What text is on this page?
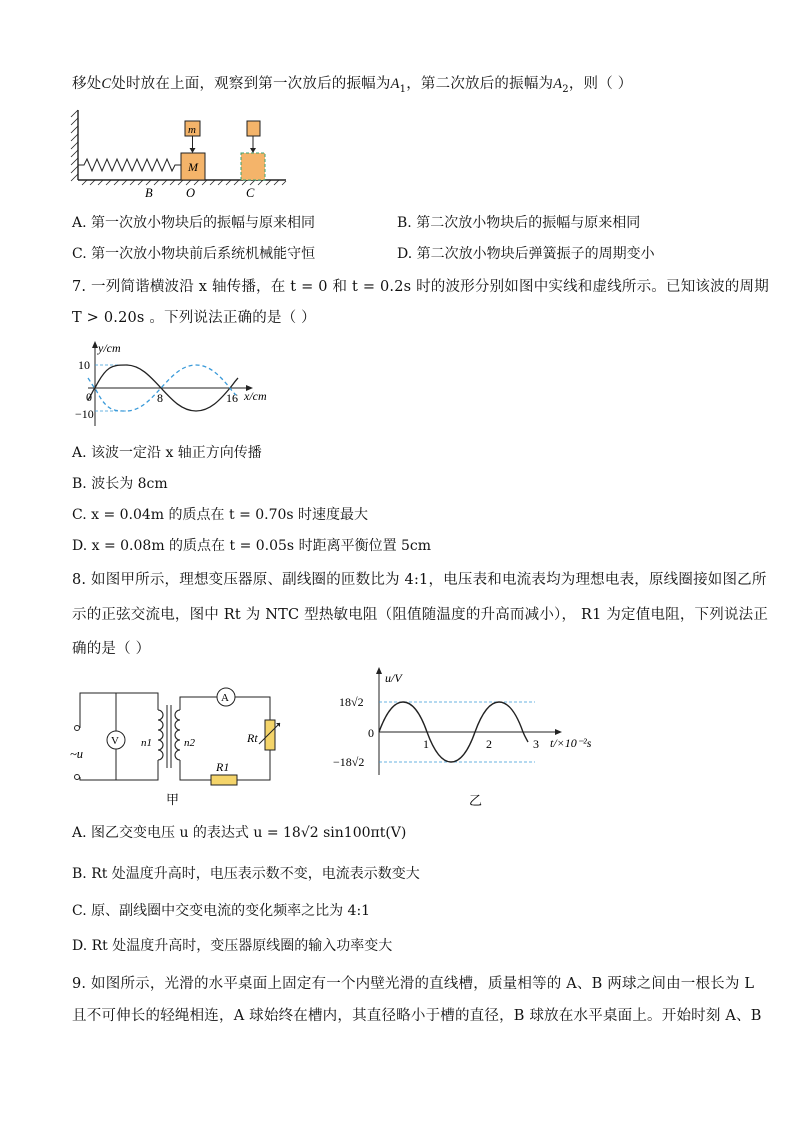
移处C处时放在上面，观察到第一次放后的振幅为$A_1$，第二次放后的振幅为$A_2$，则（ ）
M
m
B	O	C
A. 第一次放小物块后的振幅与原来相同	B. 第二次放小物块后的振幅与原来相同
C. 第一次放小物块前后系统机械能守恒	D. 第二次放小物块后弹簧振子的周期变小
7. 一列简谐横波沿 x 轴传播，在 t = 0 和 t = 0.2s 时的波形分别如图中实线和虚线所示。已知该波的周期
T > 0.20s 。下列说法正确的是（ ）
y/cm
x/cm
10
−10
0	8	16
A. 该波一定沿 x 轴正方向传播
B. 波长为 8cm
C. x = 0.04m 的质点在 t = 0.70s 时速度最大
D. x = 0.08m 的质点在 t = 0.05s 时距离平衡位置 5cm
8. 如图甲所示，理想变压器原、副线圈的匝数比为 4:1，电压表和电流表均为理想电表，原线圈接如图乙所
示的正弦交流电，图中 Rt 为 NTC 型热敏电阻（阻值随温度的升高而减小）， R1 为定值电阻，下列说法正
确的是（ ）
~u
V n1	n2
A
Rt
R1
甲
u/V
t/×10⁻²s
18√2
−18√2
0
1	2	3
乙
A. 图乙交变电压 u 的表达式 u = 18√2 sin100πt(V)
B. Rt 处温度升高时，电压表示数不变，电流表示数变大
C. 原、副线圈中交变电流的变化频率之比为 4:1
D. Rt 处温度升高时，变压器原线圈的输入功率变大
9. 如图所示，光滑的水平桌面上固定有一个内壁光滑的直线槽，质量相等的 A、B 两球之间由一根长为 L
且不可伸长的轻绳相连，A 球始终在槽内，其直径略小于槽的直径，B 球放在水平桌面上。开始时刻 A、B
